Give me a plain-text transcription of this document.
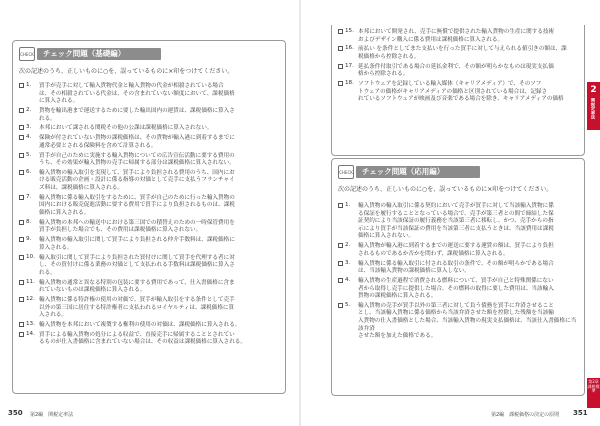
CHECK	チェック問題（基礎編）
次の記述のうち、正しいものに○を、誤っているものに×印をつけてください。
1. 買手が売手に対して輸入貨物代金と輸入貨物の代金が相殺されている場合
は、その相殺されている代金は、その含まれていない額度において、課税価格
に算入される。
2. 貨物を輸出港まで運送するために要した輸出国内の運賃は、課税価格に算入さ
れる。
3. 本邦において課される関税その他の公課は課税価格に算入されない。
4. 保険が付されていない貨物の課税価格は、その貨物が輸入港に到着するまでに
通常必要とされる保険料を含めて計算される。
5. 買手が自己のために実施する輸入貨物についての広告宣伝活動に要する費用の
うち、その効果が輸入貨物の売手に帰属する部分は課税価格に算入されない。
6. 輸入貨物の輸入取引を実現して、買手により負担される費用のうち、国内にお
ける販売活動の企画・設計に係る指導の対価として売手に支払うフランチャイ
ズ料は、課税価格に算入される。
7. 輸入貨物に係る輸入取引をするために、買手が自己のために行った輸入貨物の
国内における販売促進活動に要する費用で買手により負担されるものは、課税
価格に算入される。
8. 輸入貨物の本邦への輸送中における第三国での積替えのための一時保管費用を
買手が負担した場合でも、その費用は課税価格に算入されない。
9. 輸入貨物の輸入取引に関して買手により負担される仲介手数料は、課税価格に
算入される。
10. 輸入取引に関して買手により負担された買付けに関して買手を代理する者に対
し、その買付けに係る業務の対価として支払われる手数料は課税価格に算入さ
れる。
11. 輸入貨物の通常と異なる特別の包装に要する費用であって、仕入書価格に含ま
れていないものは課税価格に算入される。
12. 輸入貨物に係る特許権の使用の対価で、買手が輸入取引をする条件として売手
以外の第三国に居住する特許権者に支払われるロイヤルティは、課税価格に算
入される。
13. 輸入貨物を本邦において複製する権利の使用の対価は、課税価格に算入される。
14. 買手による輸入貨物の処分による収益で、直接売手に帰属することとされてい
るものが仕入書価格に含まれていない場合は、その収益は課税価格に算入される。
350 第2編　関税定率法
15. 本邦において開発され、売手に無償で提供された輸入貨物の生産に関する技術
およびデザイン購入に係る費用は課税価格に算入される。
16. 前払い を条件としてまた支払いを行った買手に対して与えられる値引きの額は、課
税価格から控除される。
17. 延払条件付取引である場合の延払金利で、その額が明らかなものは現実支払価
格から控除される。
18. ソフトウェアを記録している輸入媒体（キャリアメディア）で、そのソフ
トウェアの価格がキャリアメディアの価格と区別されている場合は、記録さ
れているソフトウェアが映画及び音楽である場合を除き、キャリアメディアの価格
CHECK	チェック問題（応用編）
次の記述のうち、正しいものに○を、誤っているものに×印をつけてください。
1. 輸入貨物の輸入取引に係る契約において売手が買手に対して当該輸入貨物に係
る保証を履行することとなっている場合で、売手が第三者との間で締結した保
証契約により当該保証の履行義務を当該第三者に移転し、かつ、売手からの指
示により買手が当該保証の費用を当該第三者に支払うときは、当該費用は課税
価格に算入されない。
2. 輸入貨物が輸入港に到着するまでの運送に要する運賃の額は、買手により負担
されるものであるか否かを問わず、課税価格に算入される。
3. 輸入貨物に係る輸入取引に付される取引の条件で、その額が明らかである場合
は、当該輸入貨物の課税価格に算入しない。
4. 輸入貨物の生産過程で消費される燃料について、買手が自己と特殊関係にない
者から取得し売手に提供した場合、その燃料の取得に要した費用は、当該輸入
貨物の課税価格に算入される。
5. 輸入貨物の売手が買手以外の第三者に対して負う債務を買手に弁済させること
とし、当該輸入貨物に係る価格から当該弁済させた額を控除した残額を当該輸
入貨物の仕入書価格とした場合、当該輸入貨物の現実支払価格は、当該仕入書価格に当該弁済
させた額を加えた価格である。
2
関税定率法
第2章 課税標準
第2編　課税価格の決定の原則 351
